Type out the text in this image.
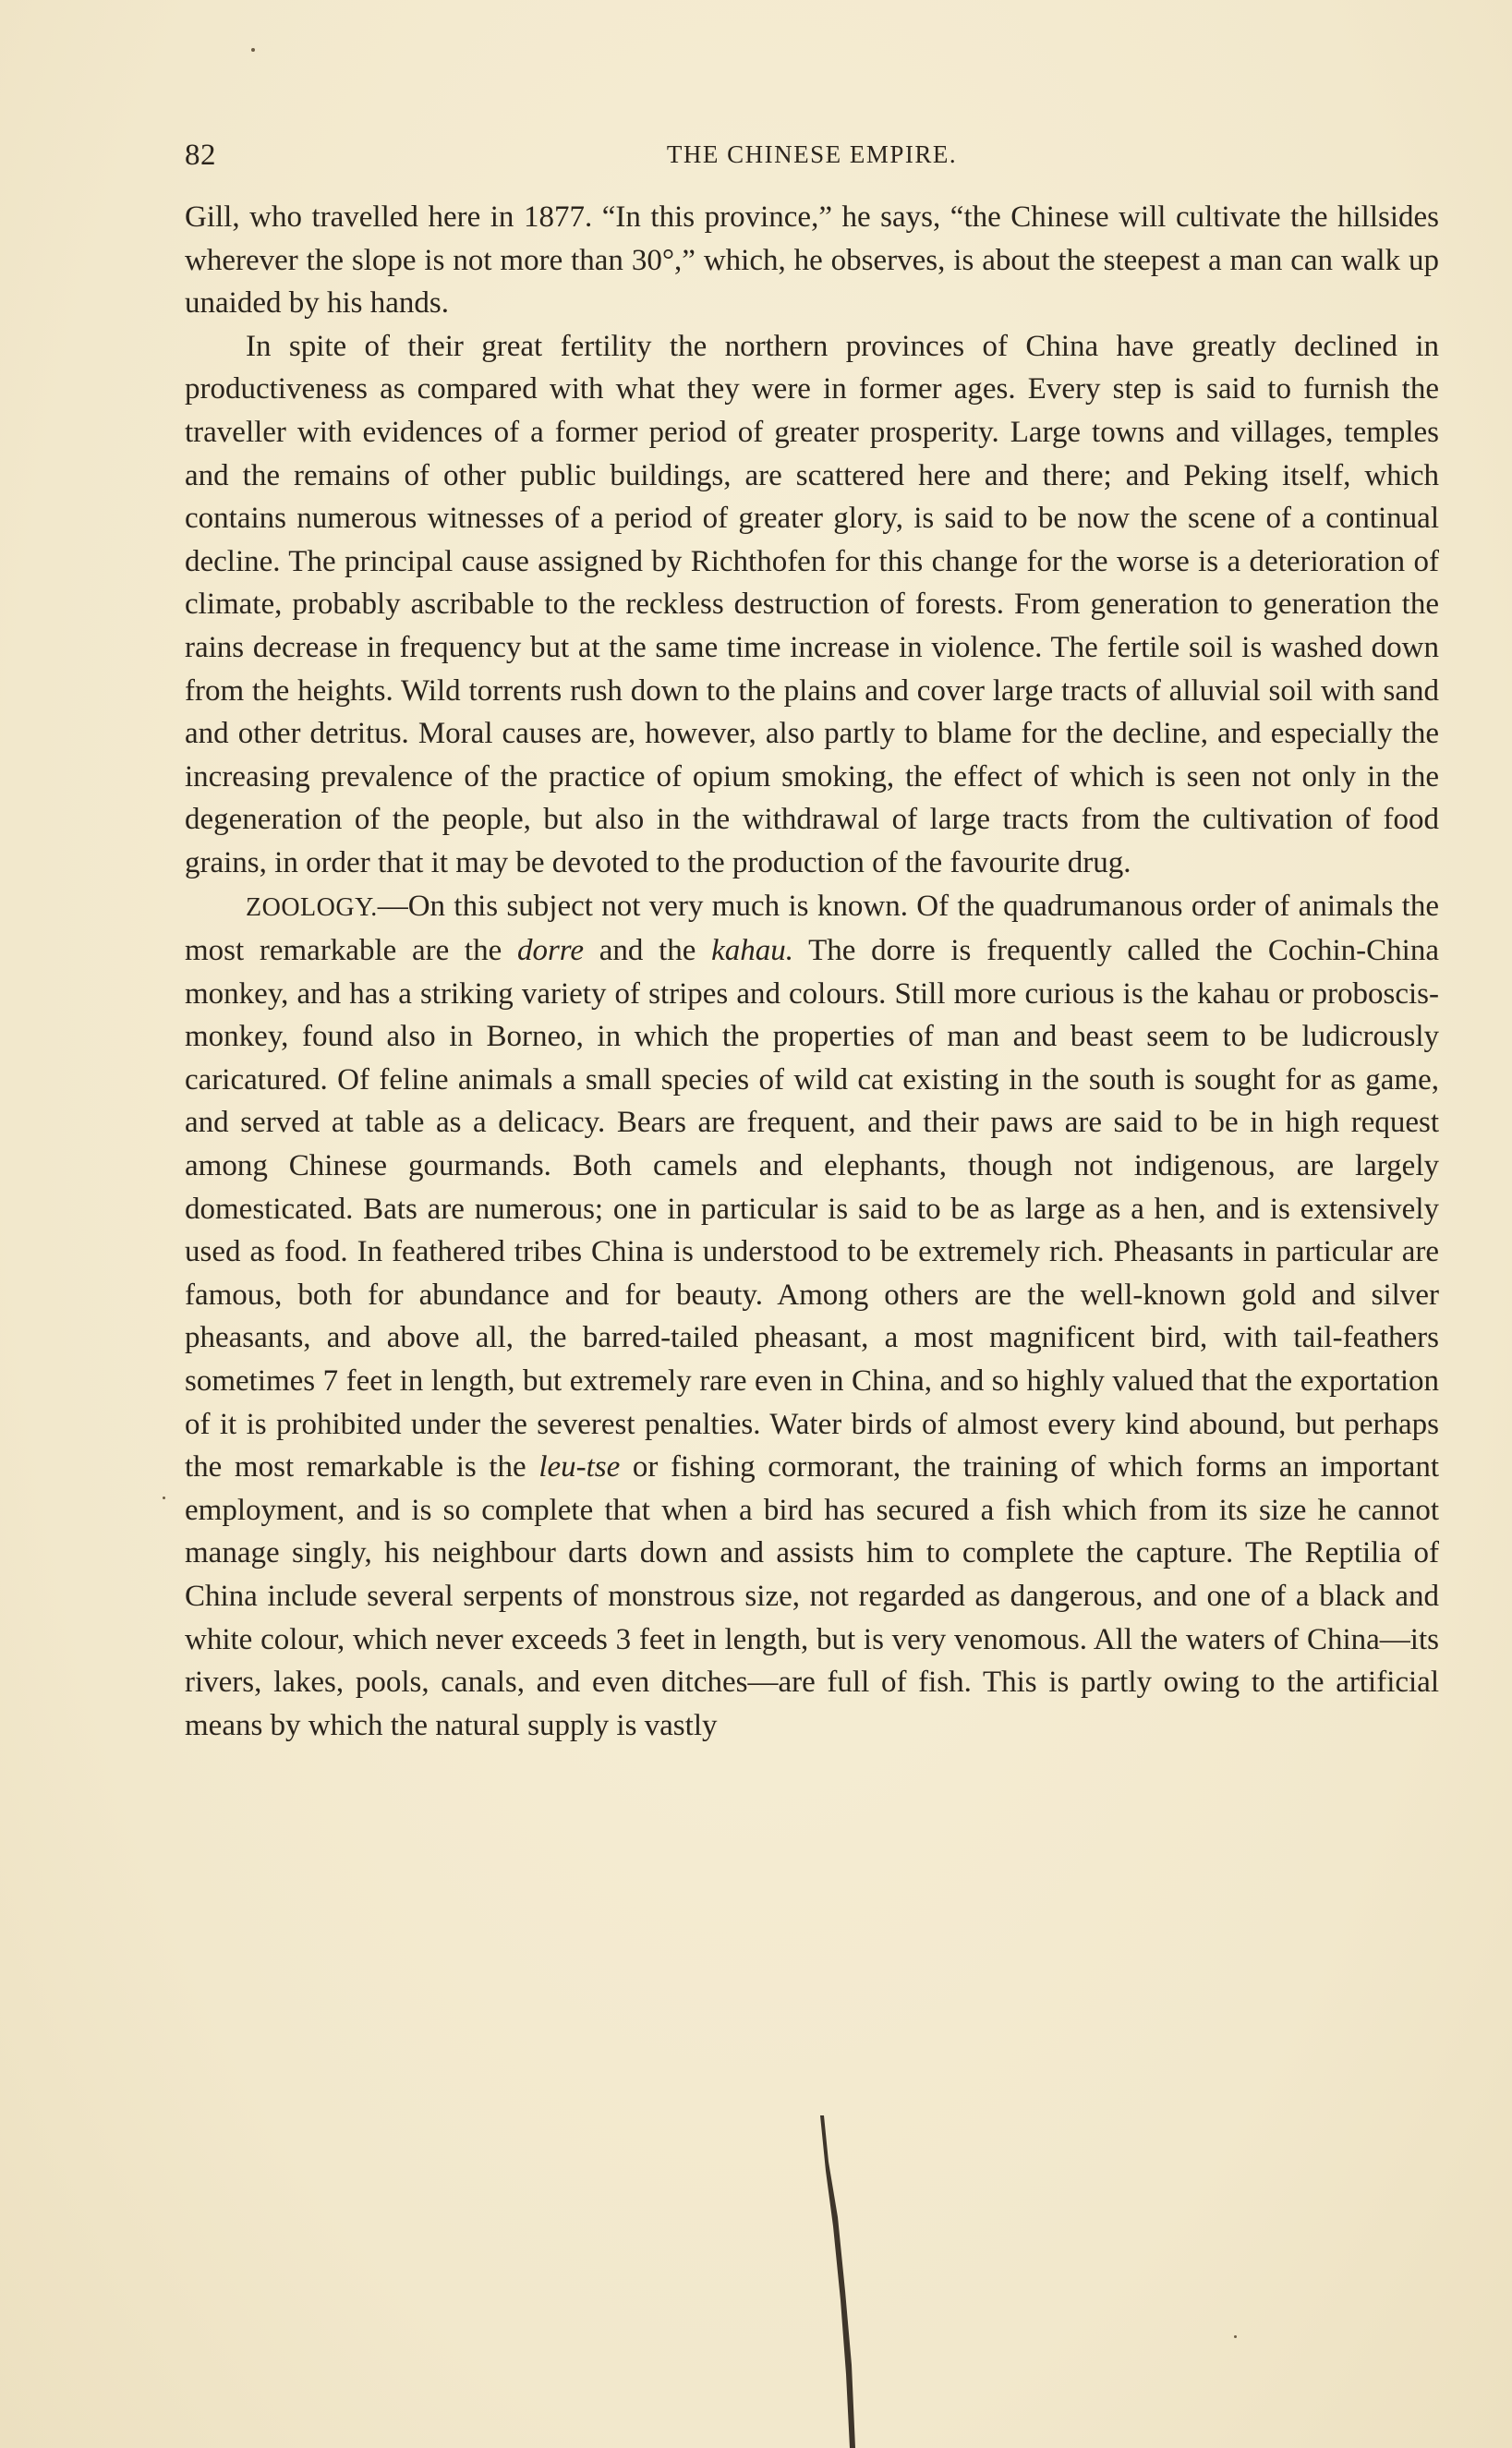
82	THE CHINESE EMPIRE.

Gill, who travelled here in 1877. “In this province,” he says, “the Chinese will cultivate the hillsides wherever the slope is not more than 30°,” which, he observes, is about the steepest a man can walk up unaided by his hands.

In spite of their great fertility the northern provinces of China have greatly declined in productiveness as compared with what they were in former ages. Every step is said to furnish the traveller with evidences of a former period of greater prosperity. Large towns and villages, temples and the remains of other public buildings, are scattered here and there; and Peking itself, which contains numerous witnesses of a period of greater glory, is said to be now the scene of a continual decline. The principal cause assigned by Richthofen for this change for the worse is a deterioration of climate, probably ascribable to the reckless destruction of forests. From generation to generation the rains decrease in frequency but at the same time increase in violence. The fertile soil is washed down from the heights. Wild torrents rush down to the plains and cover large tracts of alluvial soil with sand and other detritus. Moral causes are, however, also partly to blame for the decline, and especially the increasing prevalence of the practice of opium smoking, the effect of which is seen not only in the degeneration of the people, but also in the withdrawal of large tracts from the cultivation of food grains, in order that it may be devoted to the production of the favourite drug.

ZOOLOGY.—On this subject not very much is known. Of the quadrumanous order of animals the most remarkable are the dorre and the kahau. The dorre is frequently called the Cochin-China monkey, and has a striking variety of stripes and colours. Still more curious is the kahau or proboscis-monkey, found also in Borneo, in which the properties of man and beast seem to be ludicrously caricatured. Of feline animals a small species of wild cat existing in the south is sought for as game, and served at table as a delicacy. Bears are frequent, and their paws are said to be in high request among Chinese gourmands. Both camels and elephants, though not indigenous, are largely domesticated. Bats are numerous; one in particular is said to be as large as a hen, and is extensively used as food. In feathered tribes China is understood to be extremely rich. Pheasants in particular are famous, both for abundance and for beauty. Among others are the well-known gold and silver pheasants, and above all, the barred-tailed pheasant, a most magnificent bird, with tail-feathers sometimes 7 feet in length, but extremely rare even in China, and so highly valued that the exportation of it is prohibited under the severest penalties. Water birds of almost every kind abound, but perhaps the most remarkable is the leu-tse or fishing cormorant, the training of which forms an important employment, and is so complete that when a bird has secured a fish which from its size he cannot manage singly, his neighbour darts down and assists him to complete the capture. The Reptilia of China include several serpents of monstrous size, not regarded as dangerous, and one of a black and white colour, which never exceeds 3 feet in length, but is very venomous. All the waters of China—its rivers, lakes, pools, canals, and even ditches—are full of fish. This is partly owing to the artificial means by which the natural supply is vastly
